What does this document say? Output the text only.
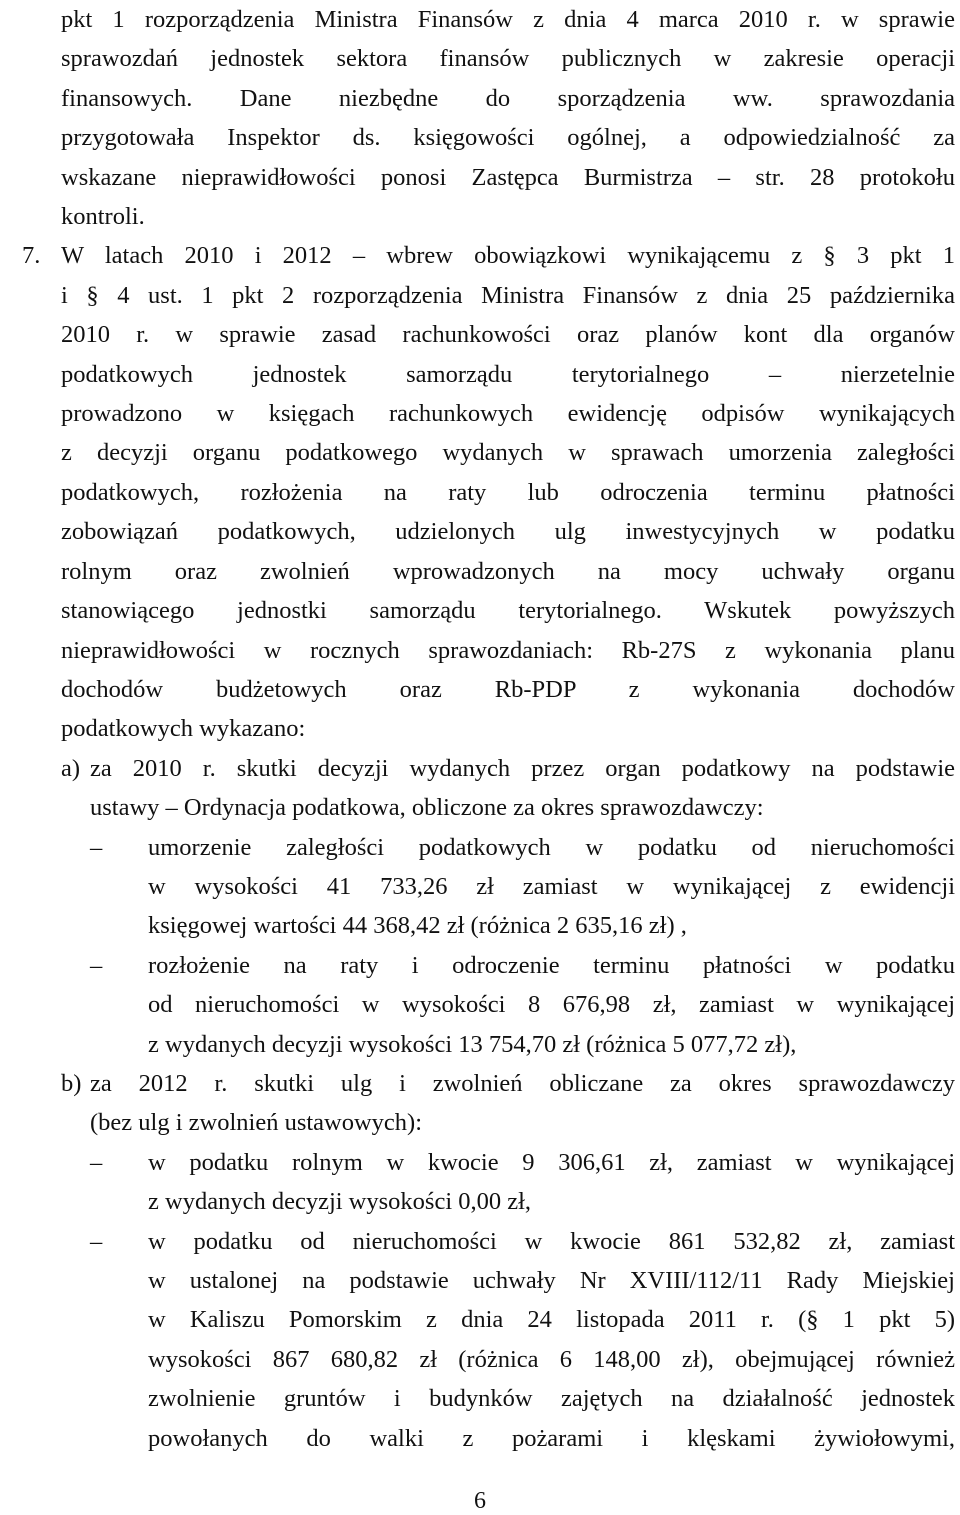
pkt 1 rozporządzenia Ministra Finansów z dnia 4 marca 2010 r. w sprawie
sprawozdań jednostek sektora finansów publicznych w zakresie operacji
finansowych. Dane niezbędne do sporządzenia ww. sprawozdania
przygotowała Inspektor ds. księgowości ogólnej, a odpowiedzialność za
wskazane nieprawidłowości ponosi Zastępca Burmistrza – str. 28 protokołu
kontroli.

7. W latach 2010 i 2012 – wbrew obowiązkowi wynikającemu z § 3 pkt 1
i § 4 ust. 1 pkt 2 rozporządzenia Ministra Finansów z dnia 25 października
2010 r. w sprawie zasad rachunkowości oraz planów kont dla organów
podatkowych jednostek samorządu terytorialnego – nierzetelnie
prowadzono w księgach rachunkowych ewidencję odpisów wynikających
z decyzji organu podatkowego wydanych w sprawach umorzenia zaległości
podatkowych, rozłożenia na raty lub odroczenia terminu płatności
zobowiązań podatkowych, udzielonych ulg inwestycyjnych w podatku
rolnym oraz zwolnień wprowadzonych na mocy uchwały organu
stanowiącego jednostki samorządu terytorialnego. Wskutek powyższych
nieprawidłowości w rocznych sprawozdaniach: Rb-27S z wykonania planu
dochodów budżetowych oraz Rb-PDP z wykonania dochodów
podatkowych wykazano:
a) za 2010 r. skutki decyzji wydanych przez organ podatkowy na podstawie
ustawy – Ordynacja podatkowa, obliczone za okres sprawozdawczy:
–	umorzenie zaległości podatkowych w podatku od nieruchomości
w wysokości 41 733,26 zł zamiast w wynikającej z ewidencji
księgowej wartości 44 368,42 zł (różnica 2 635,16 zł) ,
–	rozłożenie na raty i odroczenie terminu płatności w podatku
od nieruchomości w wysokości 8 676,98 zł, zamiast w wynikającej
z wydanych decyzji wysokości 13 754,70 zł (różnica 5 077,72 zł),
b) za 2012 r. skutki ulg i zwolnień obliczane za okres sprawozdawczy
(bez ulg i zwolnień ustawowych):
–	w podatku rolnym w kwocie 9 306,61 zł, zamiast w wynikającej
z wydanych decyzji wysokości 0,00 zł,
–	w podatku od nieruchomości w kwocie 861 532,82 zł, zamiast
w ustalonej na podstawie uchwały Nr XVIII/112/11 Rady Miejskiej
w Kaliszu Pomorskim z dnia 24 listopada 2011 r. (§ 1 pkt 5)
wysokości 867 680,82 zł (różnica 6 148,00 zł), obejmującej również
zwolnienie gruntów i budynków zajętych na działalność jednostek
powołanych do walki z pożarami i klęskami żywiołowymi,
6
